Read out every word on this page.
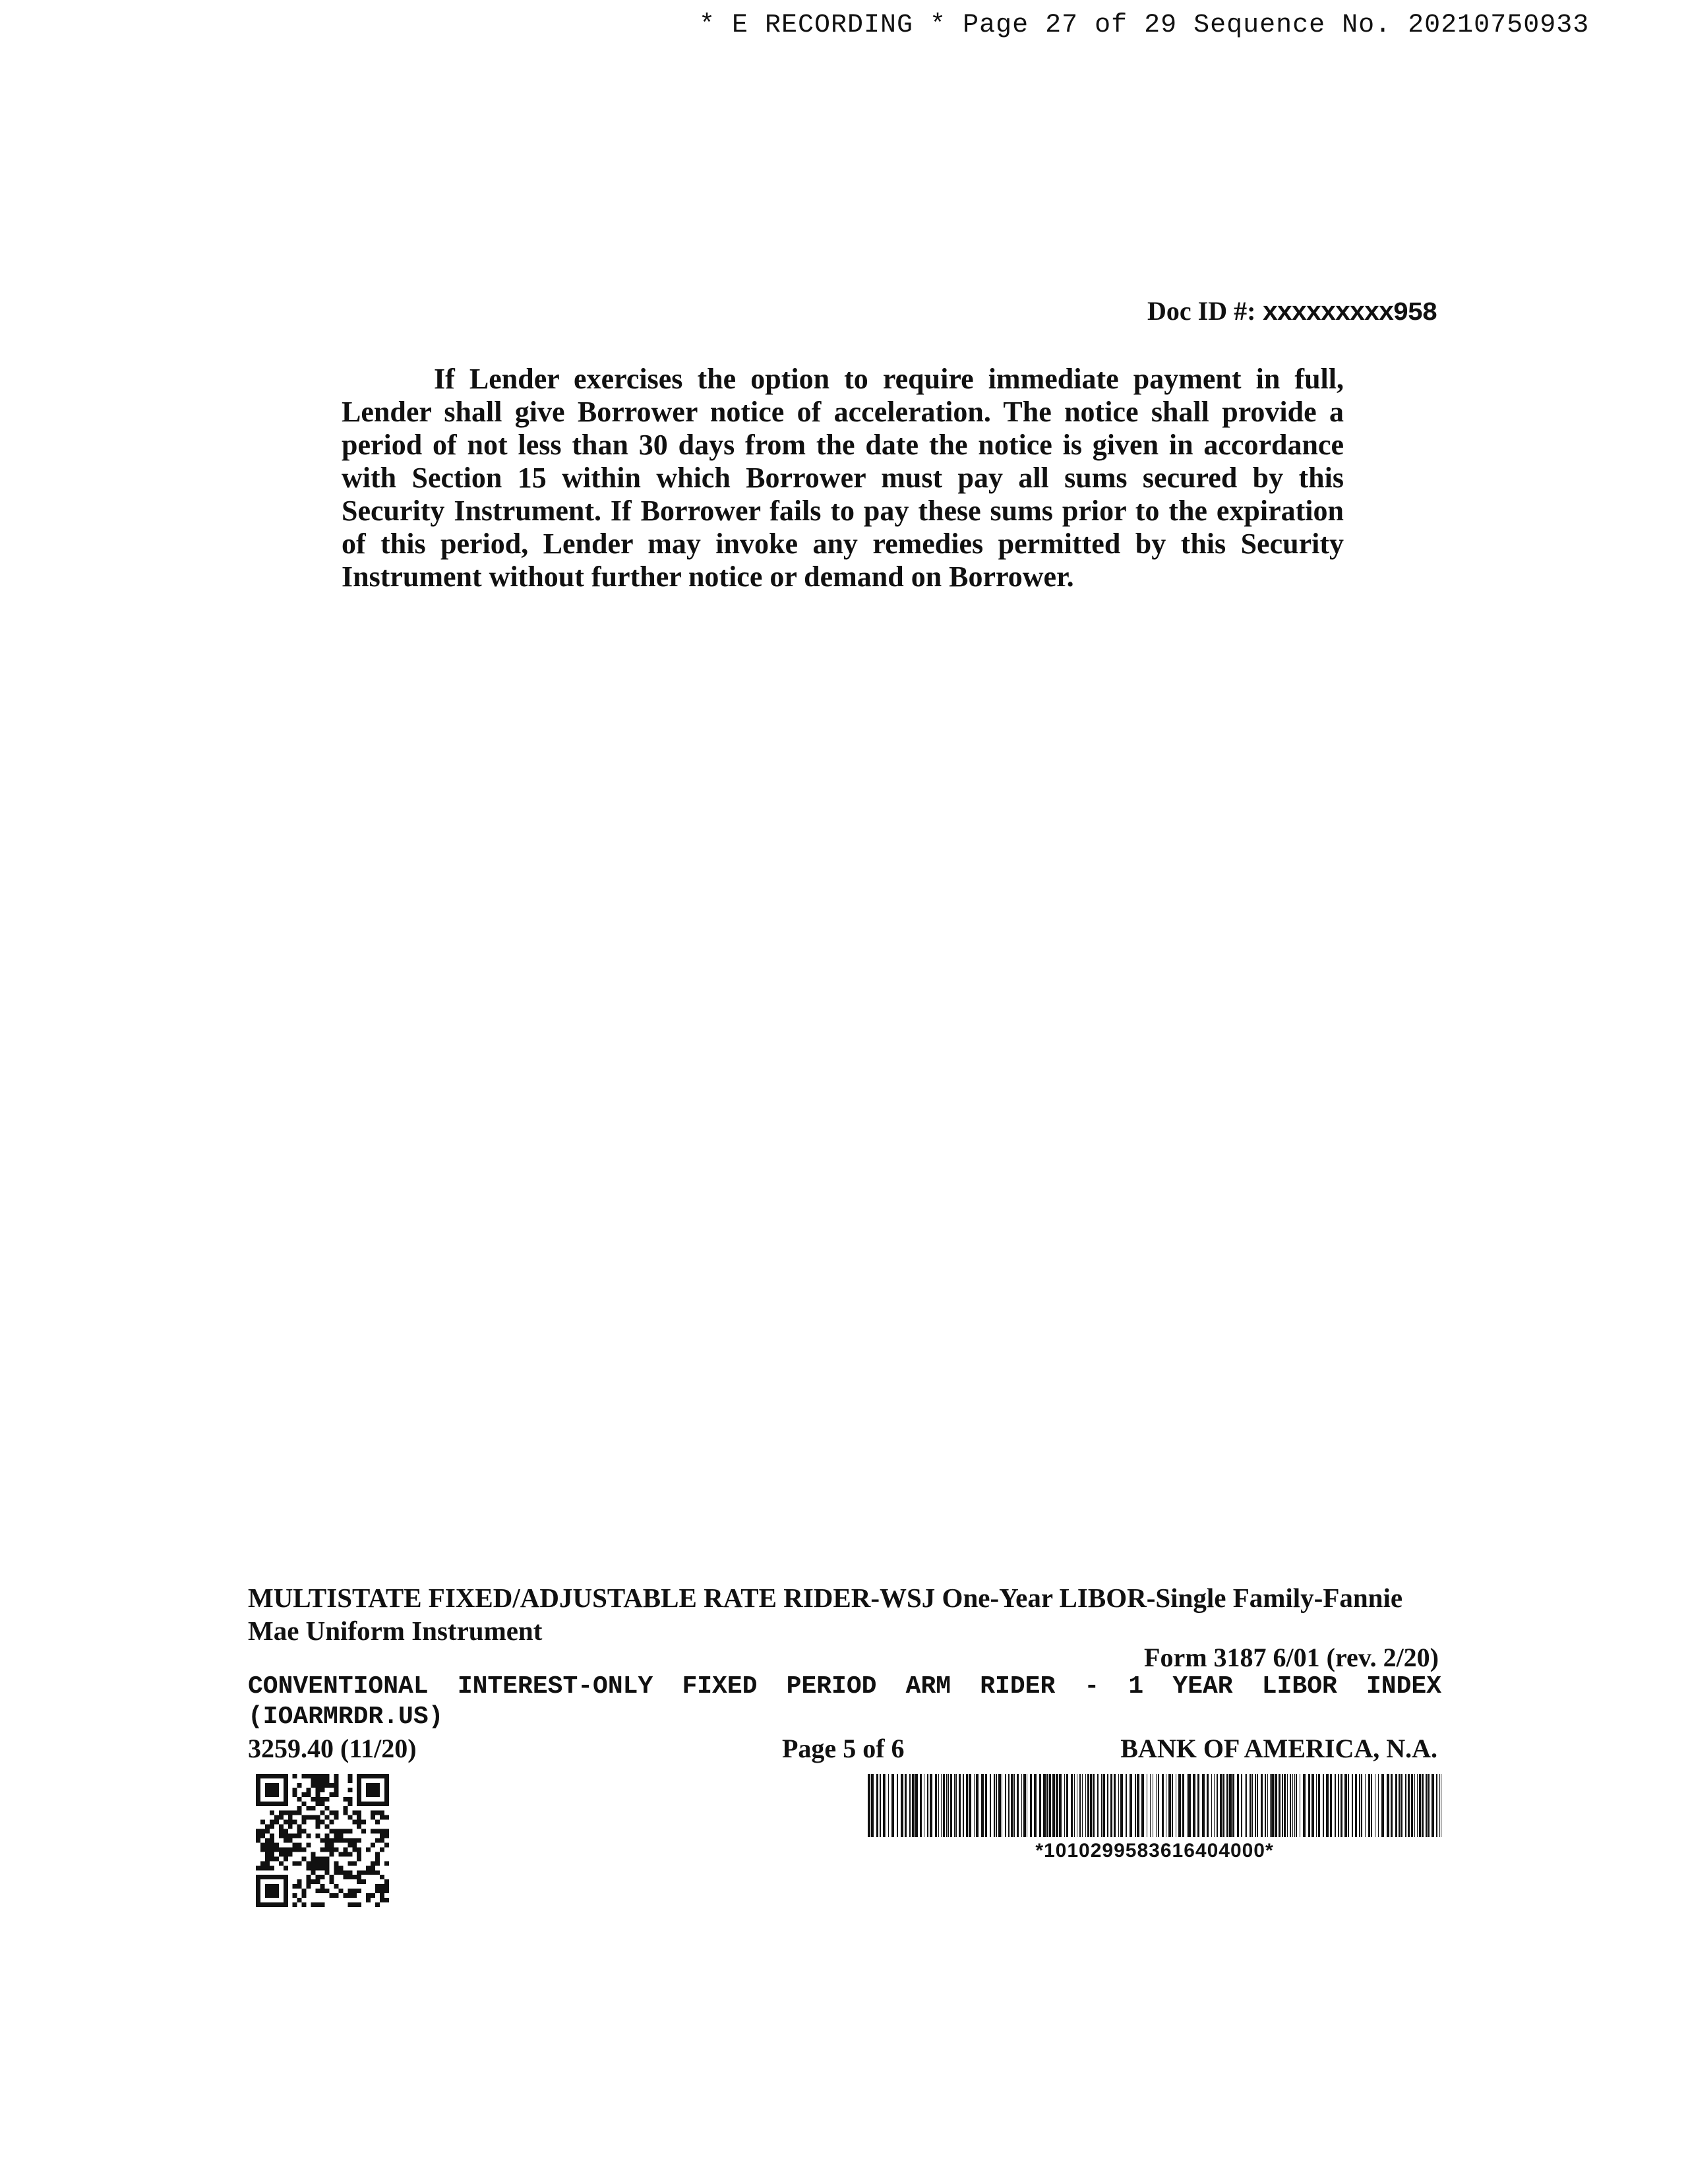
* E RECORDING * Page 27 of 29 Sequence No. 20210750933
Doc ID #: xxxxxxxxx958
If Lender exercises the option to require immediate payment in full, Lender shall give Borrower notice of acceleration. The notice shall provide a period of not less than 30 days from the date the notice is given in accordance with Section 15 within which Borrower must pay all sums secured by this Security Instrument. If Borrower fails to pay these sums prior to the expiration of this period, Lender may invoke any remedies permitted by this Security Instrument without further notice or demand on Borrower.
MULTISTATE FIXED/ADJUSTABLE RATE RIDER-WSJ One-Year LIBOR-Single Family-Fannie Mae Uniform Instrument
Form 3187 6/01 (rev. 2/20)
CONVENTIONAL INTEREST-ONLY FIXED PERIOD ARM RIDER - 1 YEAR LIBOR INDEX
(IOARMRDR.US)
3259.40 (11/20)	Page 5 of 6	BANK OF AMERICA, N.A.
*1010299583616404000*
